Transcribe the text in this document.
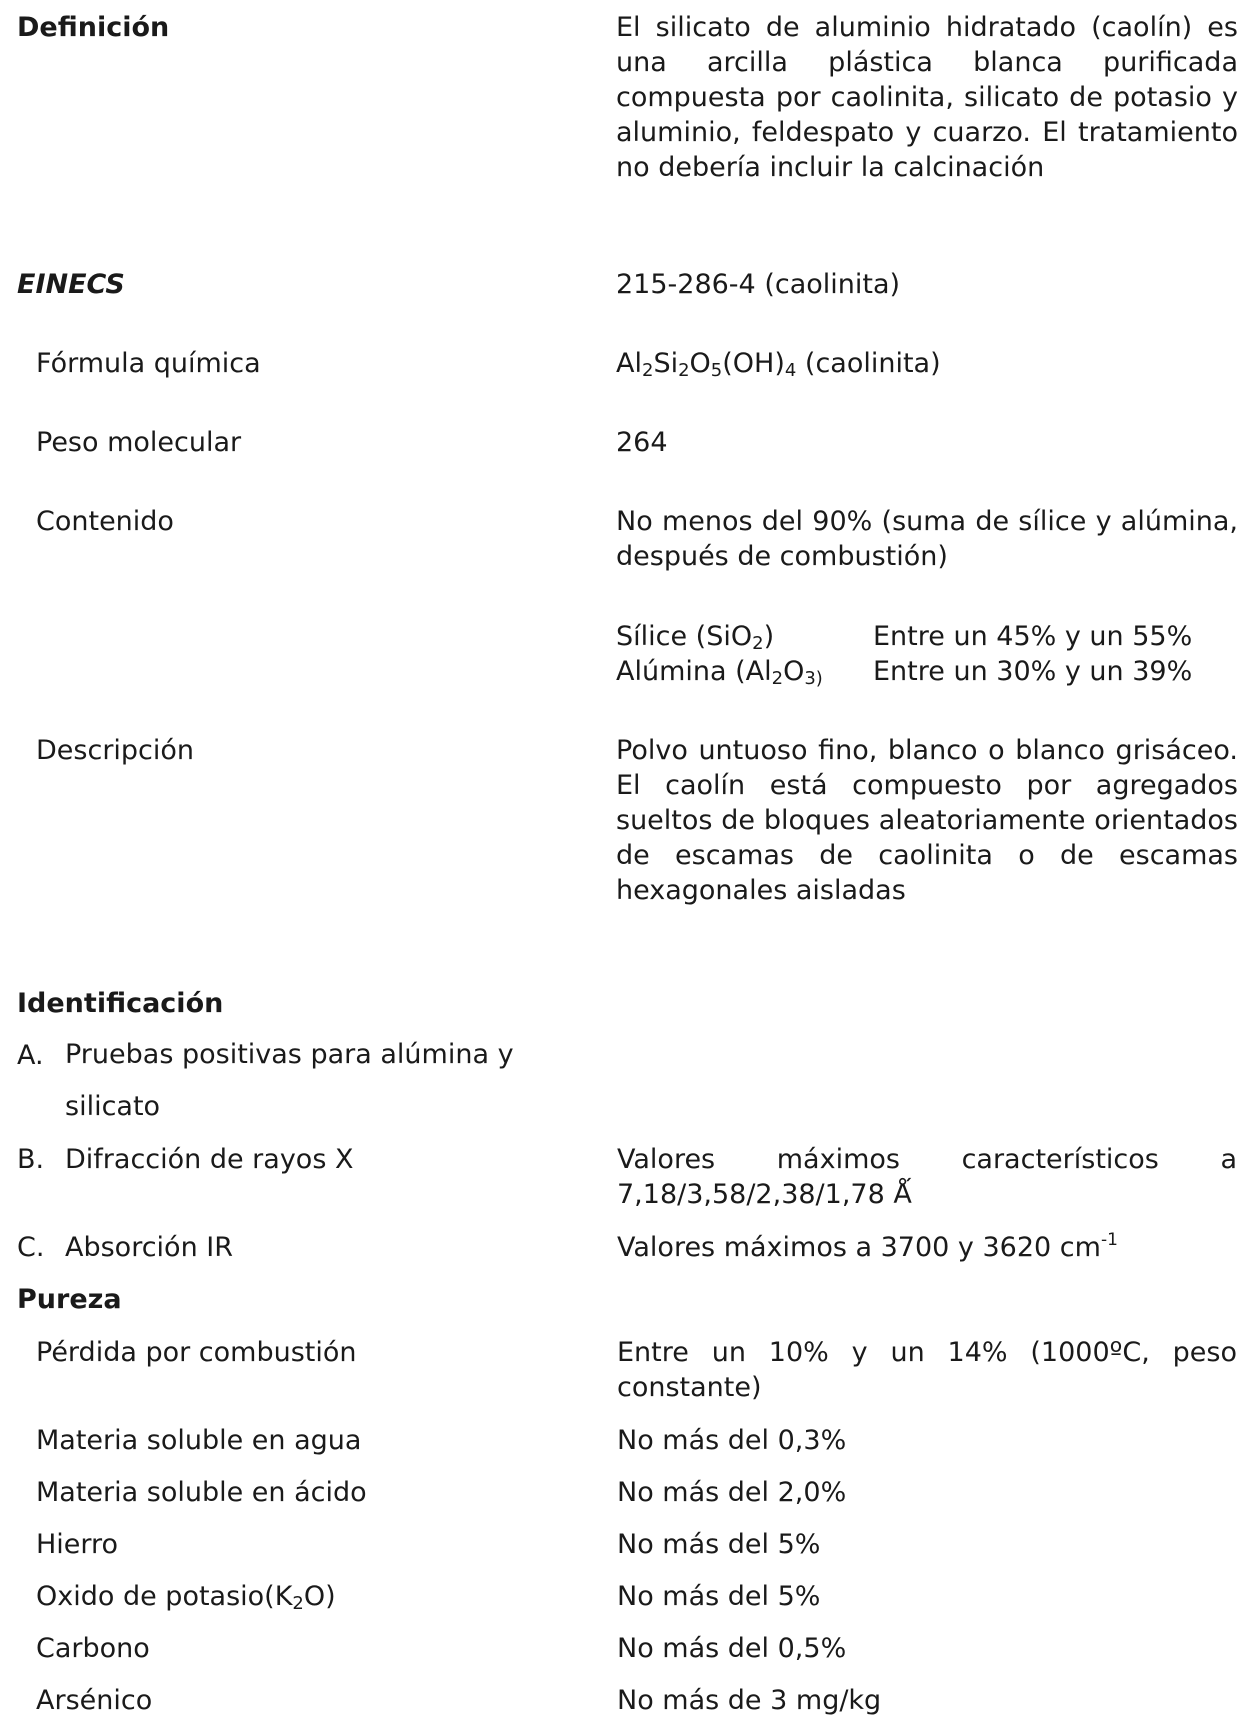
Definición	El silicato de aluminio hidratado (caolín) es una arcilla plástica blanca purificada compuesta por caolinita, silicato de potasio y aluminio, feldespato y cuarzo. El tratamiento no debería incluir la calcinación
EINECS	215-286-4 (caolinita)
Fórmula química	Al2Si2O5(OH)4 (caolinita)
Peso molecular	264
Contenido	No menos del 90% (suma de sílice y alúmina, después de combustión)
Sílice (SiO2)	Entre un 45% y un 55%
Alúmina (Al2O3) Entre un 30% y un 39%
Descripción	Polvo untuoso fino, blanco o blanco grisáceo. El caolín está compuesto por agregados sueltos de bloques aleatoriamente orientados de escamas de caolinita o de escamas hexagonales aisladas
Identificación
A. Pruebas positivas para alúmina y
silicato
B. Difracción de rayos X	Valores máximos característicos a 7,18/3,58/2,38/1,78 Ǻ
C. Absorción IR	Valores máximos a 3700 y 3620 $cm^{-1}$
Pureza
Pérdida por combustión	Entre un 10% y un 14% (1000ºC, peso constante)
Materia soluble en agua	No más del 0,3%
Materia soluble en ácido	No más del 2,0%
Hierro	No más del 5%
Oxido de potasio(K2O)	No más del 5%
Carbono	No más del 0,5%
Arsénico	No más de 3 mg/kg
